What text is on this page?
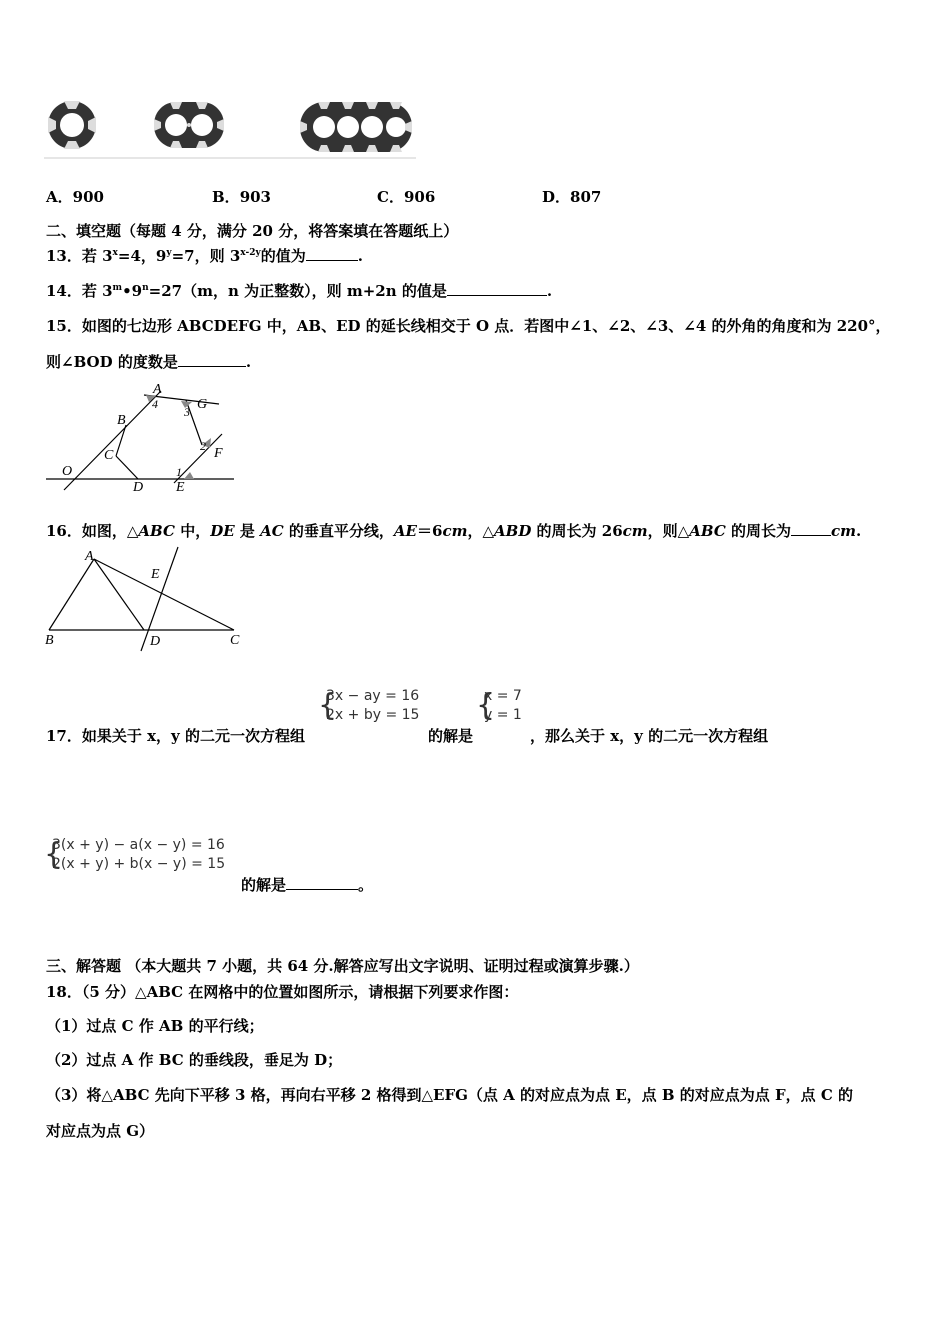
A．900	B．903	C．906	D．807
二、填空题（每题 4 分，满分 20 分，将答案填在答题纸上）
13．若 $3^x=4$，$9^y=7$，则 $3^{x-2y}$的值为	.
14．若 $3^m•9^n=27(m$，n 为正整数），则 m+2n 的值是	.
15．如图的七边形 ABCDEFG 中，AB、ED 的延长线相交于 O 点．若图中∠1、∠2、∠3、∠4 的外角的角度和为 220°，
则∠BOD 的度数是	.
A
B
C
D E
F
G
O	1
2
3
4
16．如图，△ABC 中，DE 是 AC 的垂直平分线，AE＝6cm，△ABD 的周长为 26cm，则△ABC 的周长为	cm.
A
B	C
D
E
{
3x − ay = 16
2x + by = 15 {
x = 7
y = 1
17．如果关于 x，y 的二元一次方程组	的解是	，那么关于 x，y 的二元一次方程组
{
3(x + y) − a(x − y) = 16
2(x + y) + b(x − y) = 15
的解是	。
三、解答题 （本大题共 7 小题，共 64 分.解答应写出文字说明、证明过程或演算步骤.）
18．（5 分）△ABC 在网格中的位置如图所示，请根据下列要求作图：
（1）过点 C 作 AB 的平行线；
（2）过点 A 作 BC 的垂线段，垂足为 D；
（3）将△ABC 先向下平移 3 格，再向右平移 2 格得到△EFG（点 A 的对应点为点 E，点 B 的对应点为点 F，点 C 的
对应点为点 G）
